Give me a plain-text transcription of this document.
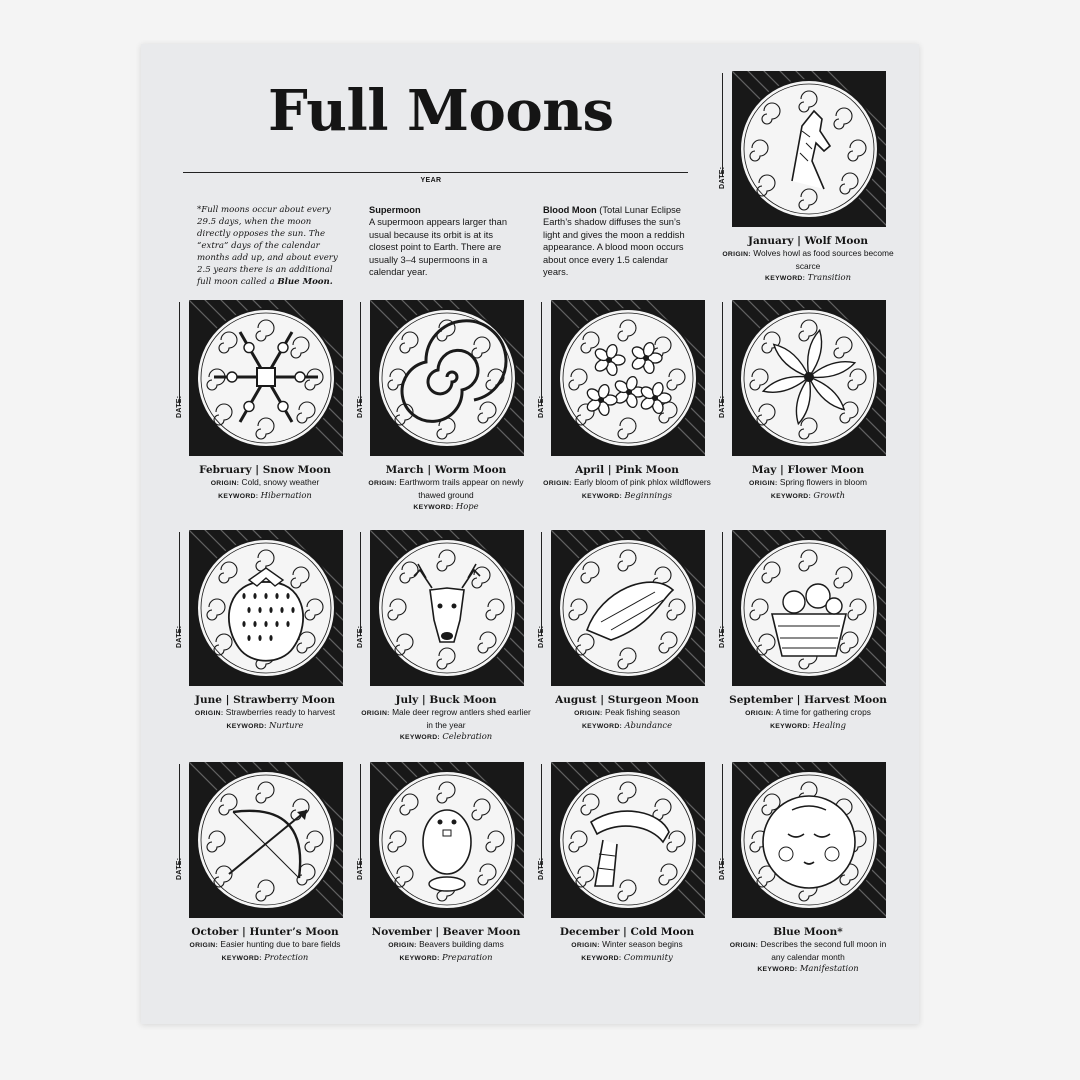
Full Moons
YEAR
*Full moons occur about every 29.5 days, when the moon directly opposes the sun. The “extra” days of the calendar months add up, and about every 2.5 years there is an additional full moon called a Blue Moon.
Supermoon
A supermoon appears larger than usual because its orbit is at its closest point to Earth. There are usually 3–4 supermoons in a calendar year.
Blood Moon (Total Lunar Eclipse Earth’s shadow diffuses the sun’s light and gives the moon a reddish appearance. A blood moon occurs about once every 1.5 calendar years.
DATE:
January | Wolf Moon
ORIGIN: Wolves howl as food sources become scarce
KEYWORD: Transition
DATE:
February | Snow Moon
ORIGIN: Cold, snowy weather
KEYWORD: Hibernation
DATE:
March | Worm Moon
ORIGIN: Earthworm trails appear on newly thawed ground
KEYWORD: Hope
DATE:
April | Pink Moon
ORIGIN: Early bloom of pink phlox wildflowers
KEYWORD: Beginnings
DATE:
May | Flower Moon
ORIGIN: Spring flowers in bloom
KEYWORD: Growth
DATE:
June | Strawberry Moon
ORIGIN: Strawberries ready to harvest
KEYWORD: Nurture
DATE:
July | Buck Moon
ORIGIN: Male deer regrow antlers shed earlier in the year
KEYWORD: Celebration
DATE:
August | Sturgeon Moon
ORIGIN: Peak fishing season
KEYWORD: Abundance
DATE:
September | Harvest Moon
ORIGIN: A time for gathering crops
KEYWORD: Healing
DATE:
October | Hunter’s Moon
ORIGIN: Easier hunting due to bare fields
KEYWORD: Protection
DATE:
November | Beaver Moon
ORIGIN: Beavers building dams
KEYWORD: Preparation
DATE:
December | Cold Moon
ORIGIN: Winter season begins
KEYWORD: Community
DATE:
Blue Moon*
ORIGIN: Describes the second full moon in any calendar month
KEYWORD: Manifestation
